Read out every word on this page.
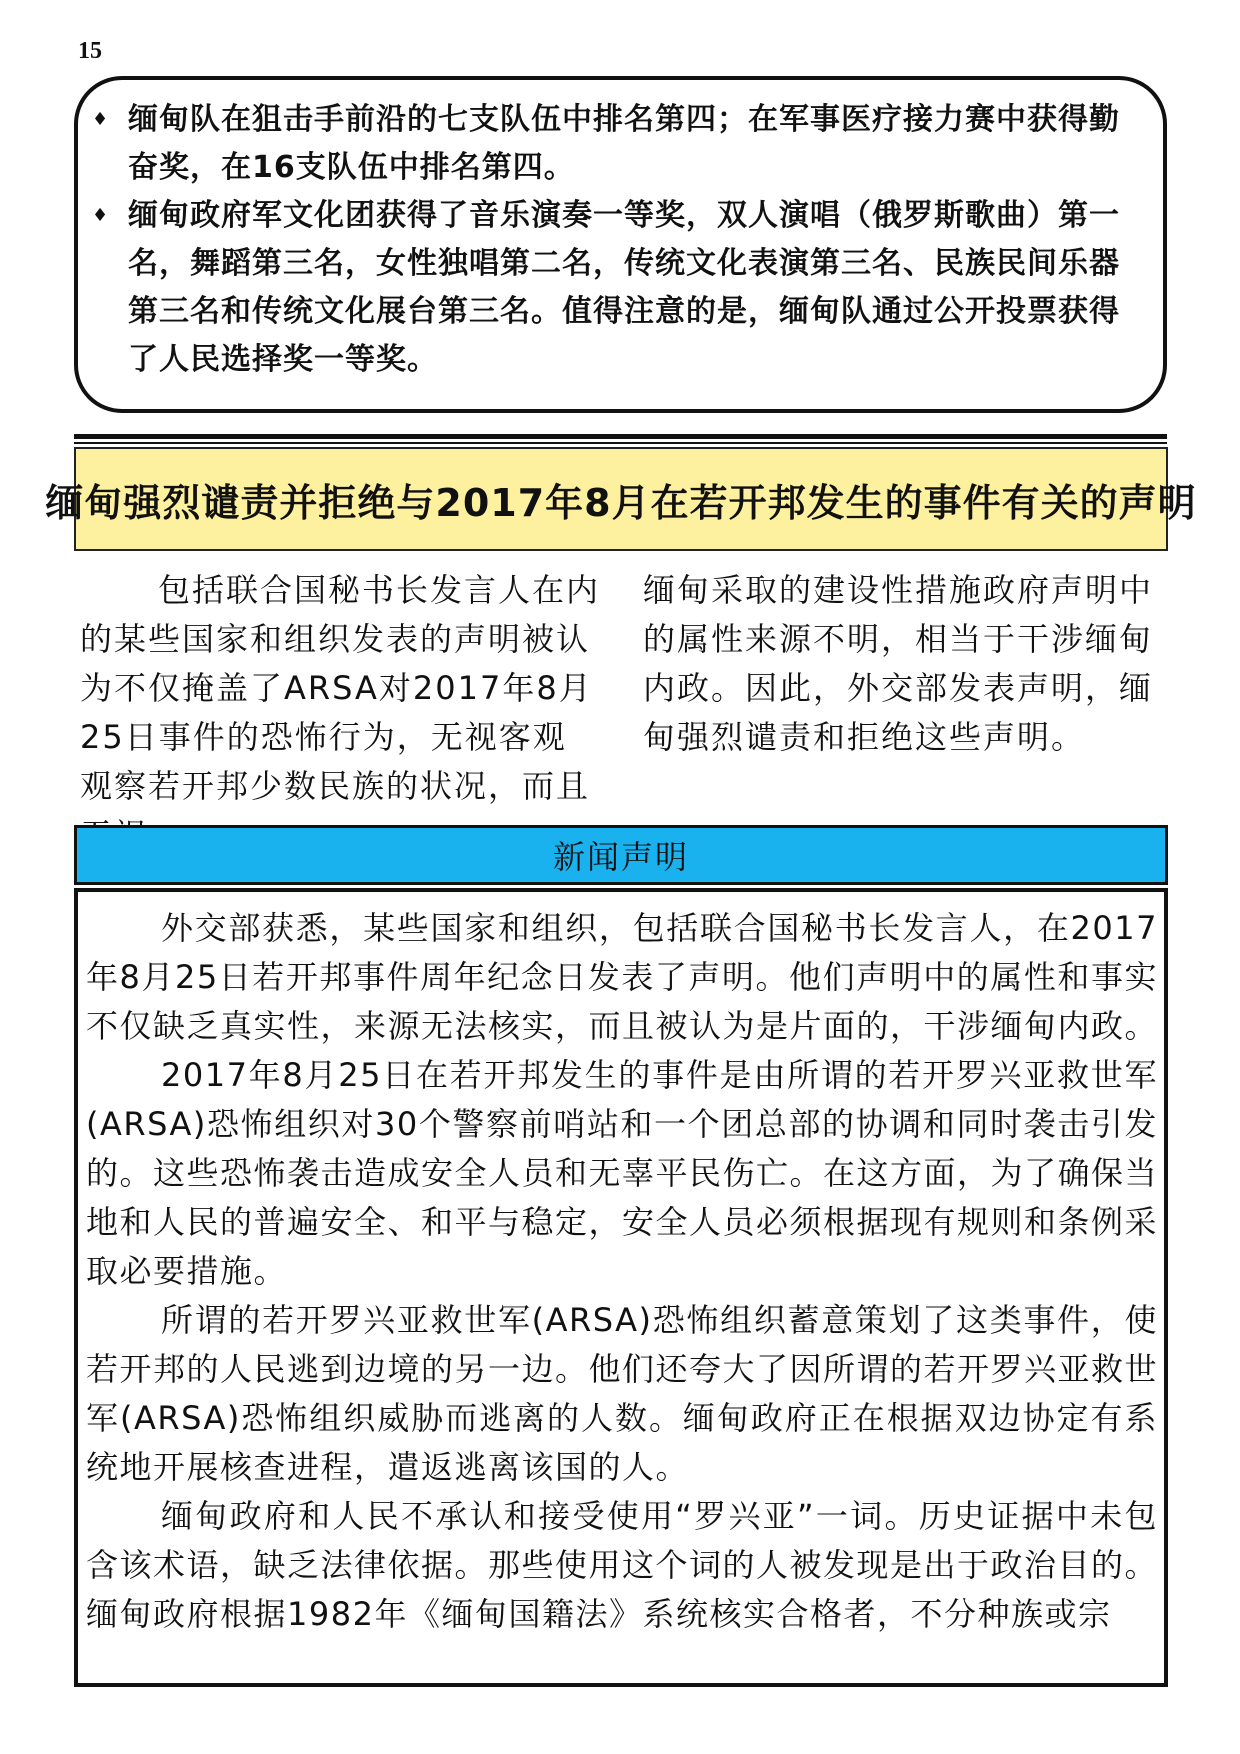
15
♦ 缅甸队在狙击手前沿的七支队伍中排名第四；在军事医疗接力赛中获得勤奋奖，在16支队伍中排名第四。
♦ 缅甸政府军文化团获得了音乐演奏一等奖，双人演唱（俄罗斯歌曲）第一名，舞蹈第三名，女性独唱第二名，传统文化表演第三名、民族民间乐器第三名和传统文化展台第三名。值得注意的是，缅甸队通过公开投票获得了人民选择奖一等奖。
缅甸强烈谴责并拒绝与2017年8月在若开邦发生的事件有关的声明
包括联合国秘书长发言人在内的某些国家和组织发表的声明被认为不仅掩盖了ARSA对2017年8月25日事件的恐怖行为，无视客观观察若开邦少数民族的状况，而且
缅甸采取的建设性措施政府声明中的属性来源不明，相当于干涉缅甸内政。因此，外交部发表声明，缅甸强烈谴责和拒绝这些声明。
新闻声明

外交部获悉，某些国家和组织，包括联合国秘书长发言人，在2017年8月25日若开邦事件周年纪念日发表了声明。他们声明中的属性和事实不仅缺乏真实性，来源无法核实，而且被认为是片面的，干涉缅甸内政。

2017年8月25日在若开邦发生的事件是由所谓的若开罗兴亚救世军(ARSA)恐怖组织对30个警察前哨站和一个团总部的协调和同时袭击引发的。这些恐怖袭击造成安全人员和无辜平民伤亡。在这方面，为了确保当地和人民的普遍安全、和平与稳定，安全人员必须根据现有规则和条例采取必要措施。

所谓的若开罗兴亚救世军(ARSA)恐怖组织蓄意策划了这类事件，使若开邦的人民逃到边境的另一边。他们还夸大了因所谓的若开罗兴亚救世军(ARSA)恐怖组织威胁而逃离的人数。缅甸政府正在根据双边协定有系统地开展核查进程，遣返逃离该国的人。

缅甸政府和人民不承认和接受使用“罗兴亚”一词。历史证据中未包含该术语，缺乏法律依据。那些使用这个词的人被发现是出于政治目的。缅甸政府根据1982年《缅甸国籍法》系统核实合格者，不分种族或宗
